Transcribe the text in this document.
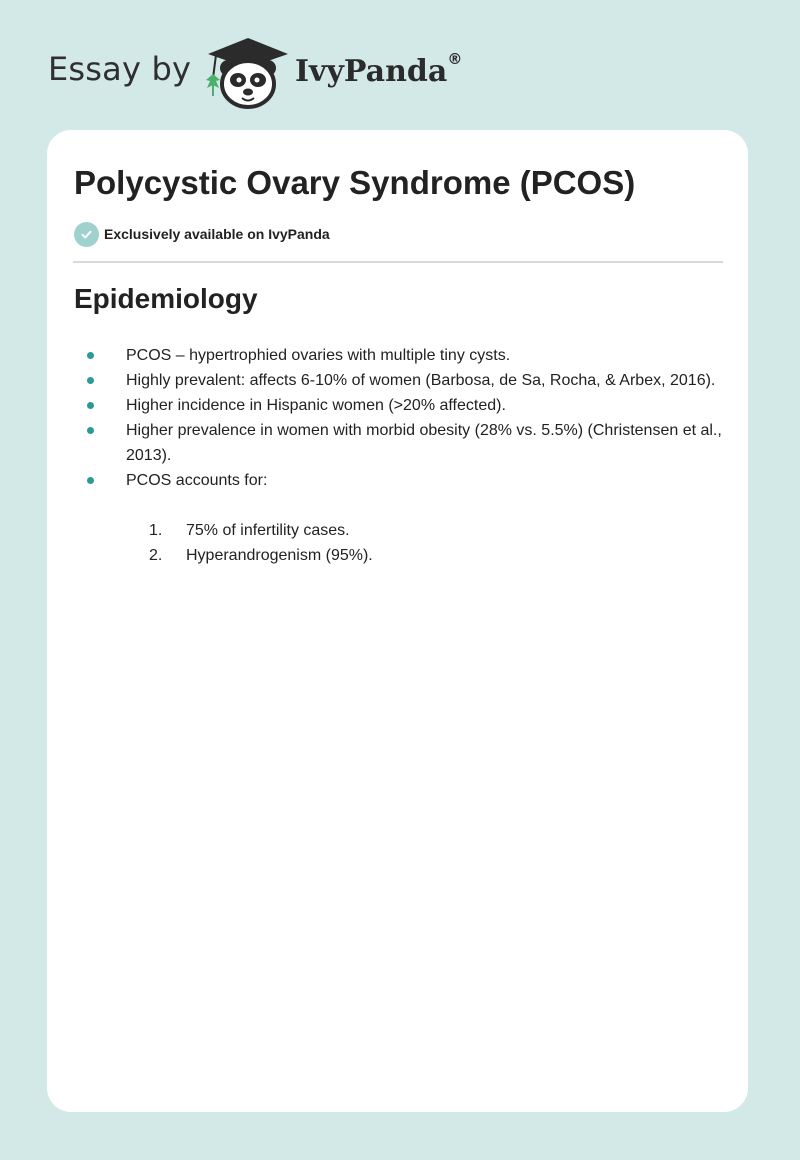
Essay by	IvyPanda®
Polycystic Ovary Syndrome (PCOS)
Exclusively available on IvyPanda
Epidemiology
PCOS – hypertrophied ovaries with multiple tiny cysts.
Highly prevalent: affects 6-10% of women (Barbosa, de Sa, Rocha, & Arbex, 2016).
Higher incidence in Hispanic women (>20% affected).
Higher prevalence in women with morbid obesity (28% vs. 5.5%) (Christensen et al., 2013).
PCOS accounts for:
1. 75% of infertility cases.
2. Hyperandrogenism (95%).
